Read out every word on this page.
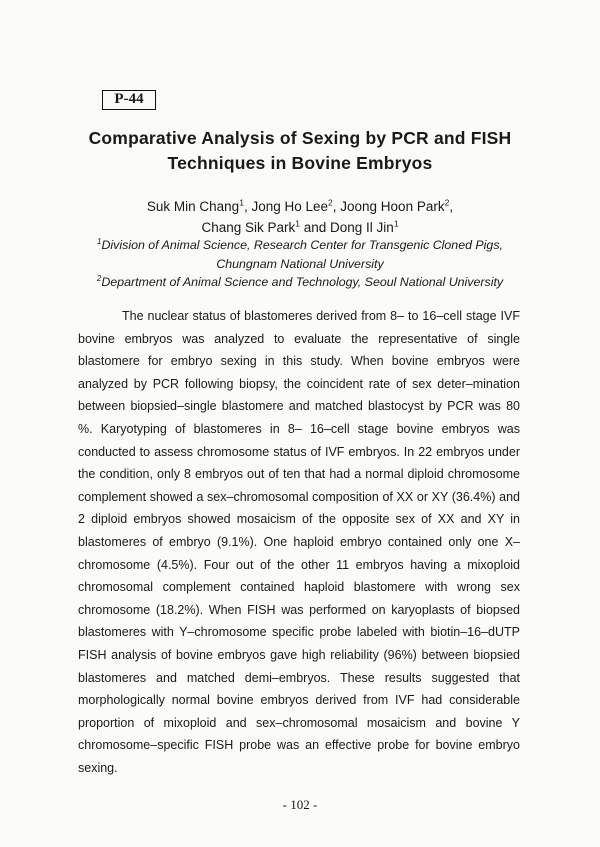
P-44
Comparative Analysis of Sexing by PCR and FISH
Techniques in Bovine Embryos
Suk Min Chang$^1$, Jong Ho Lee$^2$, Joong Hoon Park$^2$,
Chang Sik Park$^1$ and Dong Il Jin$^1$
$^1$Division of Animal Science, Research Center for Transgenic Cloned Pigs,
Chungnam National University
$^2$Department of Animal Science and Technology, Seoul National University

The nuclear status of blastomeres derived from 8– to 16–cell stage IVF bovine embryos was analyzed to evaluate the representative of single blastomere for embryo sexing in this study. When bovine embryos were analyzed by PCR following biopsy, the coincident rate of sex deter–mination between biopsied–single blastomere and matched blastocyst by PCR was 80 %. Karyotyping of blastomeres in 8– 16–cell stage bovine embryos was conducted to assess chromosome status of IVF embryos. In 22 embryos under the condition, only 8 embryos out of ten that had a normal diploid chromosome complement showed a sex–chromosomal composition of XX or XY (36.4%) and 2 diploid embryos showed mosaicism of the opposite sex of XX and XY in blastomeres of embryo (9.1%). One haploid embryo contained only one X–chromosome (4.5%). Four out of the other 11 embryos having a mixoploid chromosomal complement contained haploid blastomere with wrong sex chromosome (18.2%). When FISH was performed on karyoplasts of biopsed blastomeres with Y–chromosome specific probe labeled with biotin–16–dUTP FISH analysis of bovine embryos gave high reliability (96%) between biopsied blastomeres and matched demi–embryos. These results suggested that morphologically normal bovine embryos derived from IVF had considerable proportion of mixoploid and sex–chromosomal mosaicism and bovine Y chromosome–specific FISH probe was an effective probe for bovine embryo sexing.

- 102 -
